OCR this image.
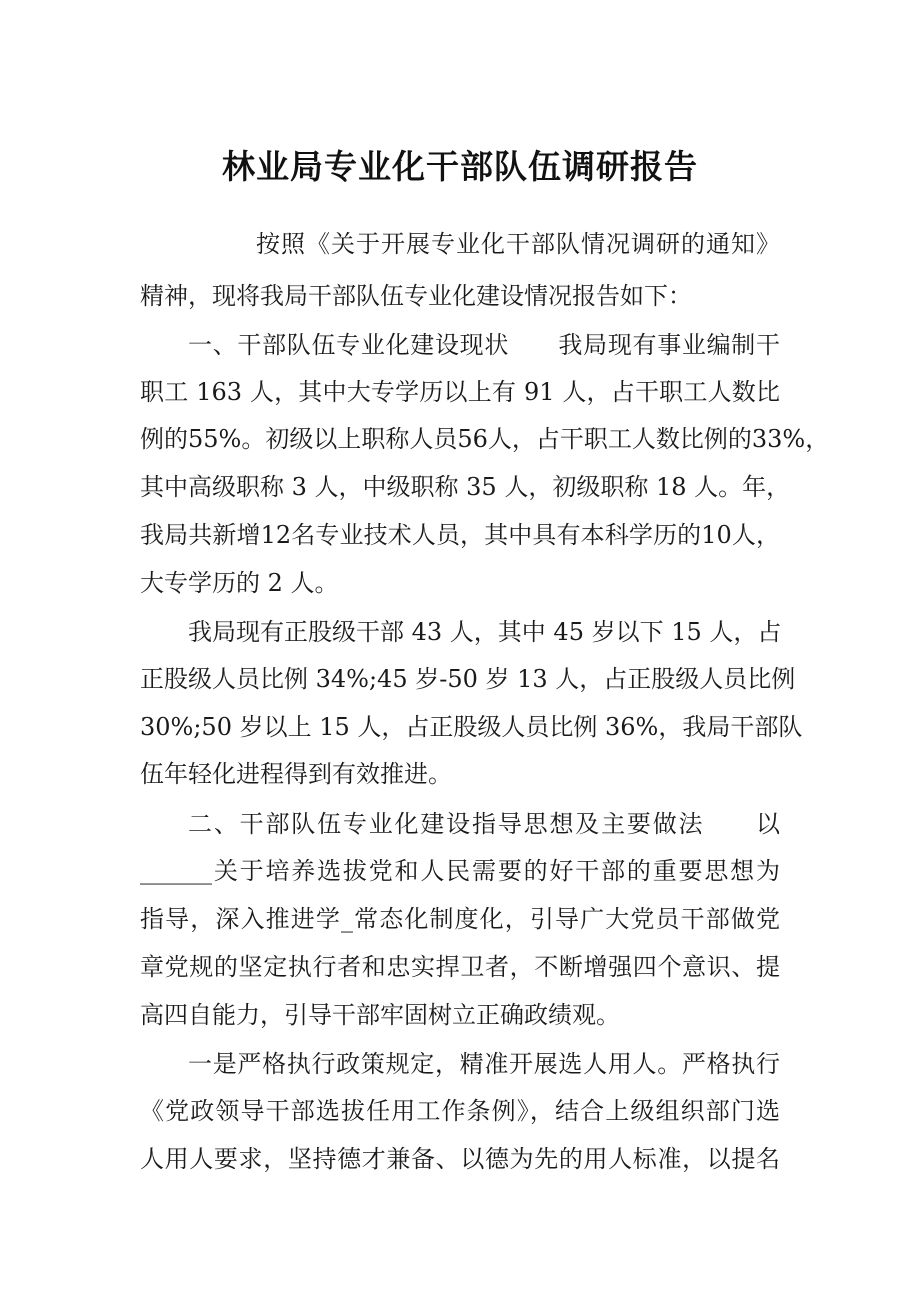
林业局专业化干部队伍调研报告
按照《关于开展专业化干部队情况调研的通知》
精神，现将我局干部队伍专业化建设情况报告如下：
一、干部队伍专业化建设现状　　我局现有事业编制干
职工 163 人，其中大专学历以上有 91 人，占干职工人数比
例的55%。初级以上职称人员56人，占干职工人数比例的33%，
其中高级职称 3 人，中级职称 35 人，初级职称 18 人。年，
我局共新增12名专业技术人员，其中具有本科学历的10人，
大专学历的 2 人。
我局现有正股级干部 43 人，其中 45 岁以下 15 人，占
正股级人员比例 34%;45 岁-50 岁 13 人，占正股级人员比例
30%;50 岁以上 15 人，占正股级人员比例 36%，我局干部队
伍年轻化进程得到有效推进。
二、干部队伍专业化建设指导思想及主要做法　　以
______关于培养选拔党和人民需要的好干部的重要思想为
指导，深入推进学_常态化制度化，引导广大党员干部做党
章党规的坚定执行者和忠实捍卫者，不断增强四个意识、提
高四自能力，引导干部牢固树立正确政绩观。
一是严格执行政策规定，精准开展选人用人。严格执行
《党政领导干部选拔任用工作条例》，结合上级组织部门选
人用人要求，坚持德才兼备、以德为先的用人标准，以提名
